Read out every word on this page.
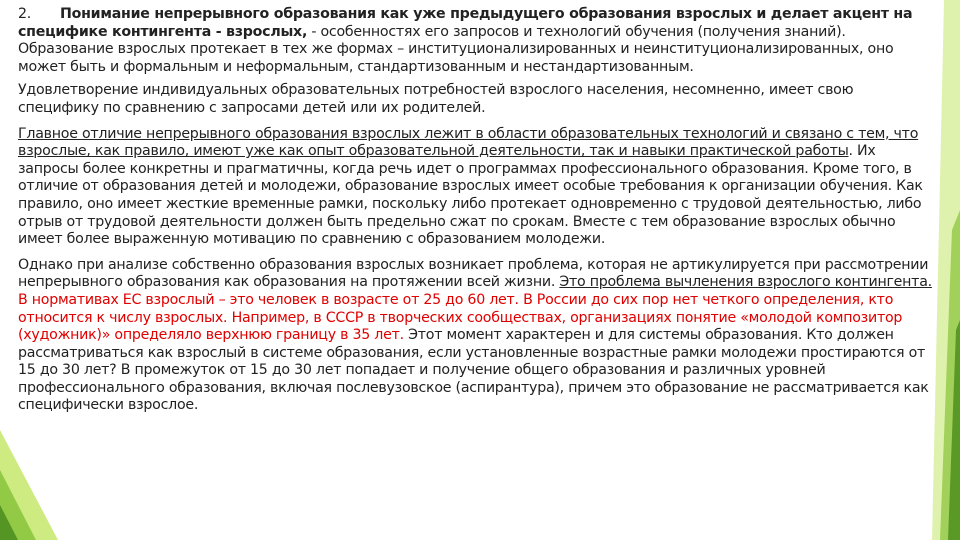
2. Понимание непрерывного образования как уже предыдущего образования взрослых и делает акцент на специфике контингента - взрослых, - особенностях его запросов и технологий обучения (получения знаний). Образование взрослых протекает в тех же формах – институционализированных и неинституционализированных, оно может быть и формальным и неформальным, стандартизованным и нестандартизованным.

Удовлетворение индивидуальных образовательных потребностей взрослого населения, несомненно, имеет свою специфику по сравнению с запросами детей или их родителей.

Главное отличие непрерывного образования взрослых лежит в области образовательных технологий и связано с тем, что взрослые, как правило, имеют уже как опыт образовательной деятельности, так и навыки практической работы. Их запросы более конкретны и прагматичны, когда речь идет о программах профессионального образования. Кроме того, в отличие от образования детей и молодежи, образование взрослых имеет особые требования к организации обучения. Как правило, оно имеет жесткие временные рамки, поскольку либо протекает одновременно с трудовой деятельностью, либо отрыв от трудовой деятельности должен быть предельно сжат по срокам. Вместе с тем образование взрослых обычно имеет более выраженную мотивацию по сравнению с образованием молодежи.

Однако при анализе собственно образования взрослых возникает проблема, которая не артикулируется при рассмотрении непрерывного образования как образования на протяжении всей жизни. Это проблема вычленения взрослого контингента. В нормативах ЕС взрослый – это человек в возрасте от 25 до 60 лет. В России до сих пор нет четкого определения, кто относится к числу взрослых. Например, в СССР в творческих сообществах, организациях понятие «молодой композитор (художник)» определяло верхнюю границу в 35 лет. Этот момент характерен и для системы образования. Кто должен рассматриваться как взрослый в системе образования, если установленные возрастные рамки молодежи простираются от 15 до 30 лет? В промежуток от 15 до 30 лет попадает и получение общего образования и различных уровней профессионального образования, включая послевузовское (аспирантура), причем это образование не рассматривается как специфически взрослое.
